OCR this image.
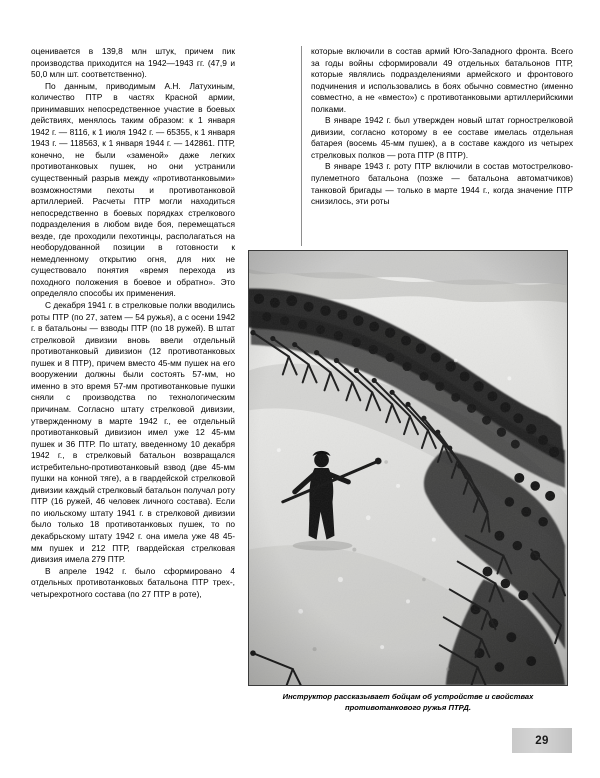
оценивается в 139,8 млн штук, причем пик производства приходится на 1942—1943 гг. (47,9 и 50,0 млн шт. соответственно).

По данным, приводимым А.Н. Латухиным, количество ПТР в частях Красной армии, принимавших непосредственное участие в боевых действиях, менялось таким образом: к 1 января 1942 г. — 8116, к 1 июля 1942 г. — 65355, к 1 января 1943 г. — 118563, к 1 января 1944 г. — 142861. ПТР, конечно, не были «заменой» даже легких противотанковых пушек, но они устранили существенный разрыв между «противотанковыми» возможностями пехоты и противотанковой артиллерией. Расчеты ПТР могли находиться непосредственно в боевых порядках стрелкового подразделения в любом виде боя, перемещаться везде, где проходили пехотинцы, располагаться на необорудованной позиции в готовности к немедленному открытию огня, для них не существовало понятия «время перехода из походного положения в боевое и обратно». Это определяло способы их применения.

С декабря 1941 г. в стрелковые полки вводились роты ПТР (по 27, затем — 54 ружья), а с осени 1942 г. в батальоны — взводы ПТР (по 18 ружей). В штат стрелковой дивизии вновь ввели отдельный противотанковый дивизион (12 противотанковых пушек и 8 ПТР), причем вместо 45-мм пушек на его вооружении должны были состоять 57-мм, но именно в это время 57-мм противотанковые пушки сняли с производства по технологическим причинам. Согласно штату стрелковой дивизии, утвержденному в марте 1942 г., ее отдельный противотанковый дивизион имел уже 12 45-мм пушек и 36 ПТР. По штату, введенному 10 декабря 1942 г., в стрелковый батальон возвращался истребительно-противотанковый взвод (две 45-мм пушки на конной тяге), а в гвардейской стрелковой дивизии каждый стрелковый батальон получал роту ПТР (16 ружей, 46 человек личного состава). Если по июльскому штату 1941 г. в стрелковой дивизии было только 18 противотанковых пушек, то по декабрьскому штату 1942 г. она имела уже 48 45-мм пушек и 212 ПТР, гвардейская стрелковая дивизия имела 279 ПТР.

В апреле 1942 г. было сформировано 4 отдельных противотанковых батальона ПТР трех-, четырехротного состава (по 27 ПТР в роте),

которые включили в состав армий Юго-Западного фронта. Всего за годы войны сформировали 49 отдельных батальонов ПТР, которые являлись подразделениями армейского и фронтового подчинения и использовались в боях обычно совместно (именно совместно, а не «вместо») с противотанковыми артиллерийскими полками.

В январе 1942 г. был утвержден новый штат горнострелковой дивизии, согласно которому в ее составе имелась отдельная батарея (восемь 45-мм пушек), а в составе каждого из четырех стрелковых полков — рота ПТР (8 ПТР).

В январе 1943 г. роту ПТР включили в состав мотострелково-пулеметного батальона (позже — батальона автоматчиков) танковой бригады — только в марте 1944 г., когда значение ПТР снизилось, эти роты

Инструктор рассказывает бойцам об устройстве и свойствах противотанкового ружья ПТРД.
29
